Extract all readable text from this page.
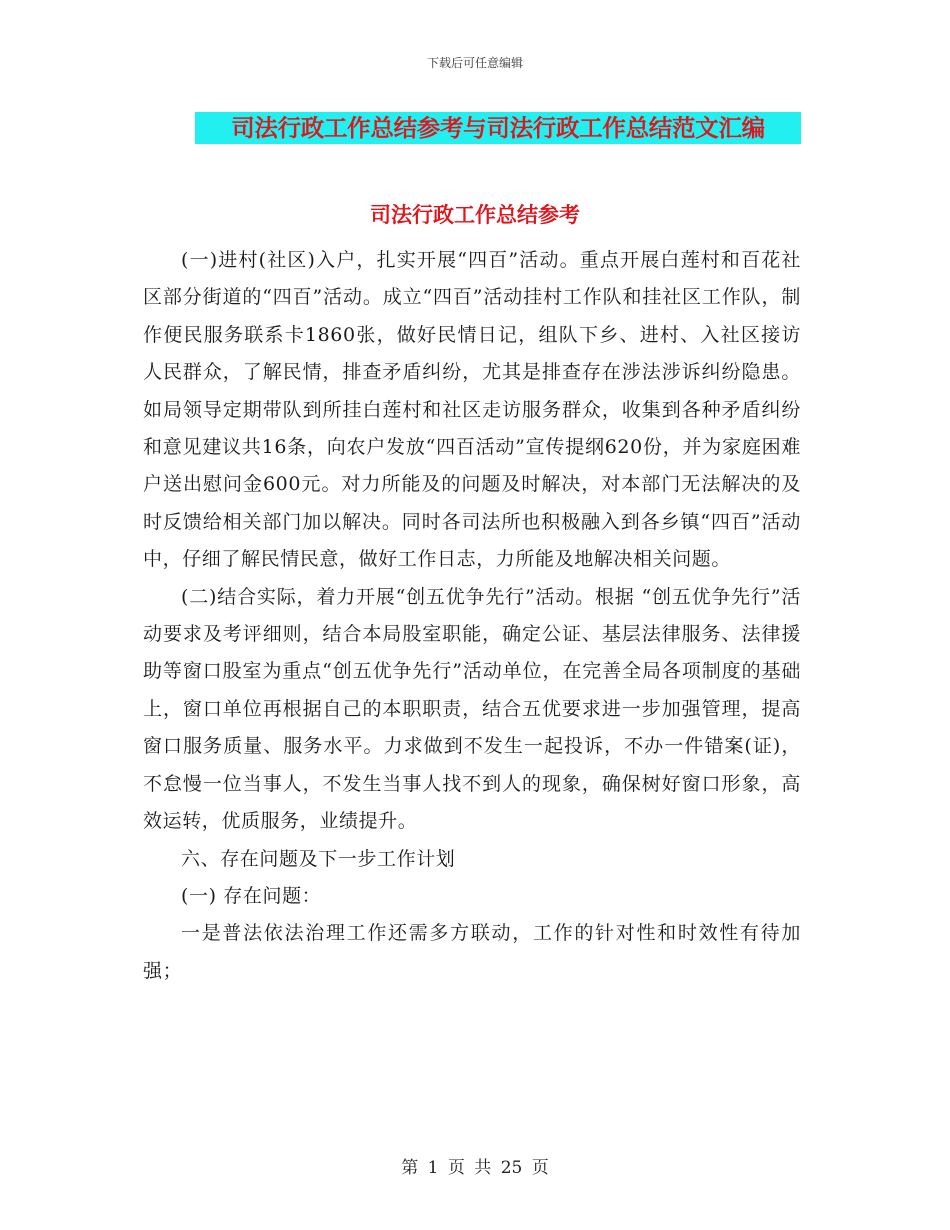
下载后可任意编辑
司法行政工作总结参考与司法行政工作总结范文汇编
司法行政工作总结参考

(一)进村(社区)入户，扎实开展“四百”活动。重点开展白莲村和百花社区部分街道的“四百”活动。成立“四百”活动挂村工作队和挂社区工作队，制作便民服务联系卡1860张，做好民情日记，组队下乡、进村、入社区接访人民群众，了解民情，排查矛盾纠纷，尤其是排查存在涉法涉诉纠纷隐患。如局领导定期带队到所挂白莲村和社区走访服务群众，收集到各种矛盾纠纷和意见建议共16条，向农户发放“四百活动”宣传提纲620份，并为家庭困难户送出慰问金600元。对力所能及的问题及时解决，对本部门无法解决的及时反馈给相关部门加以解决。同时各司法所也积极融入到各乡镇“四百”活动中，仔细了解民情民意，做好工作日志，力所能及地解决相关问题。

(二)结合实际，着力开展“创五优争先行”活动。根据 “创五优争先行”活动要求及考评细则，结合本局股室职能，确定公证、基层法律服务、法律援助等窗口股室为重点“创五优争先行”活动单位，在完善全局各项制度的基础上，窗口单位再根据自己的本职职责，结合五优要求进一步加强管理，提高窗口服务质量、服务水平。力求做到不发生一起投诉，不办一件错案(证)，不怠慢一位当事人，不发生当事人找不到人的现象，确保树好窗口形象，高效运转，优质服务，业绩提升。

六、存在问题及下一步工作计划

(一) 存在问题：

一是普法依法治理工作还需多方联动，工作的针对性和时效性有待加强；

第 1 页 共 25 页
